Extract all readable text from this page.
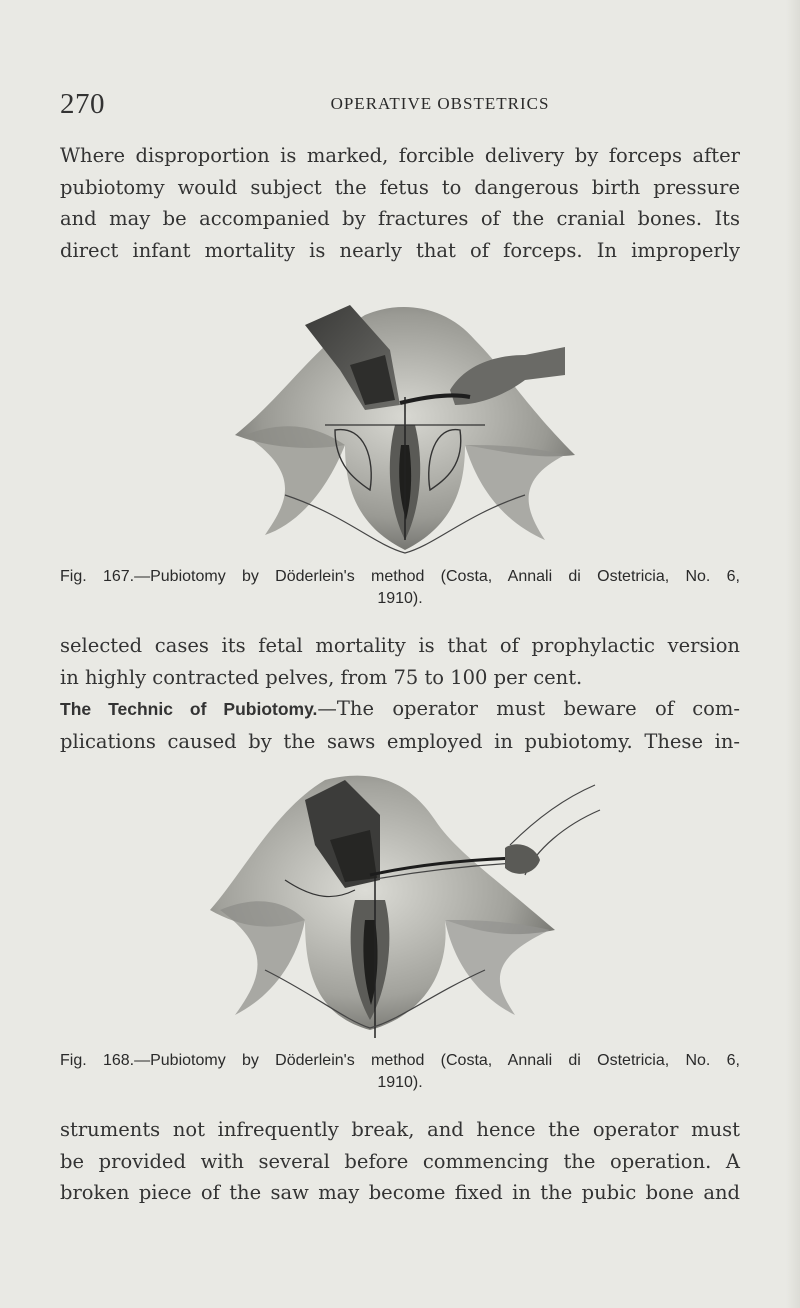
270	OPERATIVE OBSTETRICS
Where disproportion is marked, forcible delivery by forceps after
pubiotomy would subject the fetus to dangerous birth pressure
and may be accompanied by fractures of the cranial bones. Its
direct infant mortality is nearly that of forceps. In improperly
Fig. 167.—Pubiotomy by Döderlein's method (Costa, Annali di Ostetricia, No. 6,
1910).
selected cases its fetal mortality is that of prophylactic version
in highly contracted pelves, from 75 to 100 per cent.
The Technic of Pubiotomy.—The operator must beware of com-
plications caused by the saws employed in pubiotomy. These in-
Fig. 168.—Pubiotomy by Döderlein's method (Costa, Annali di Ostetricia, No. 6,
1910).
struments not infrequently break, and hence the operator must
be provided with several before commencing the operation. A
broken piece of the saw may become fixed in the pubic bone and
